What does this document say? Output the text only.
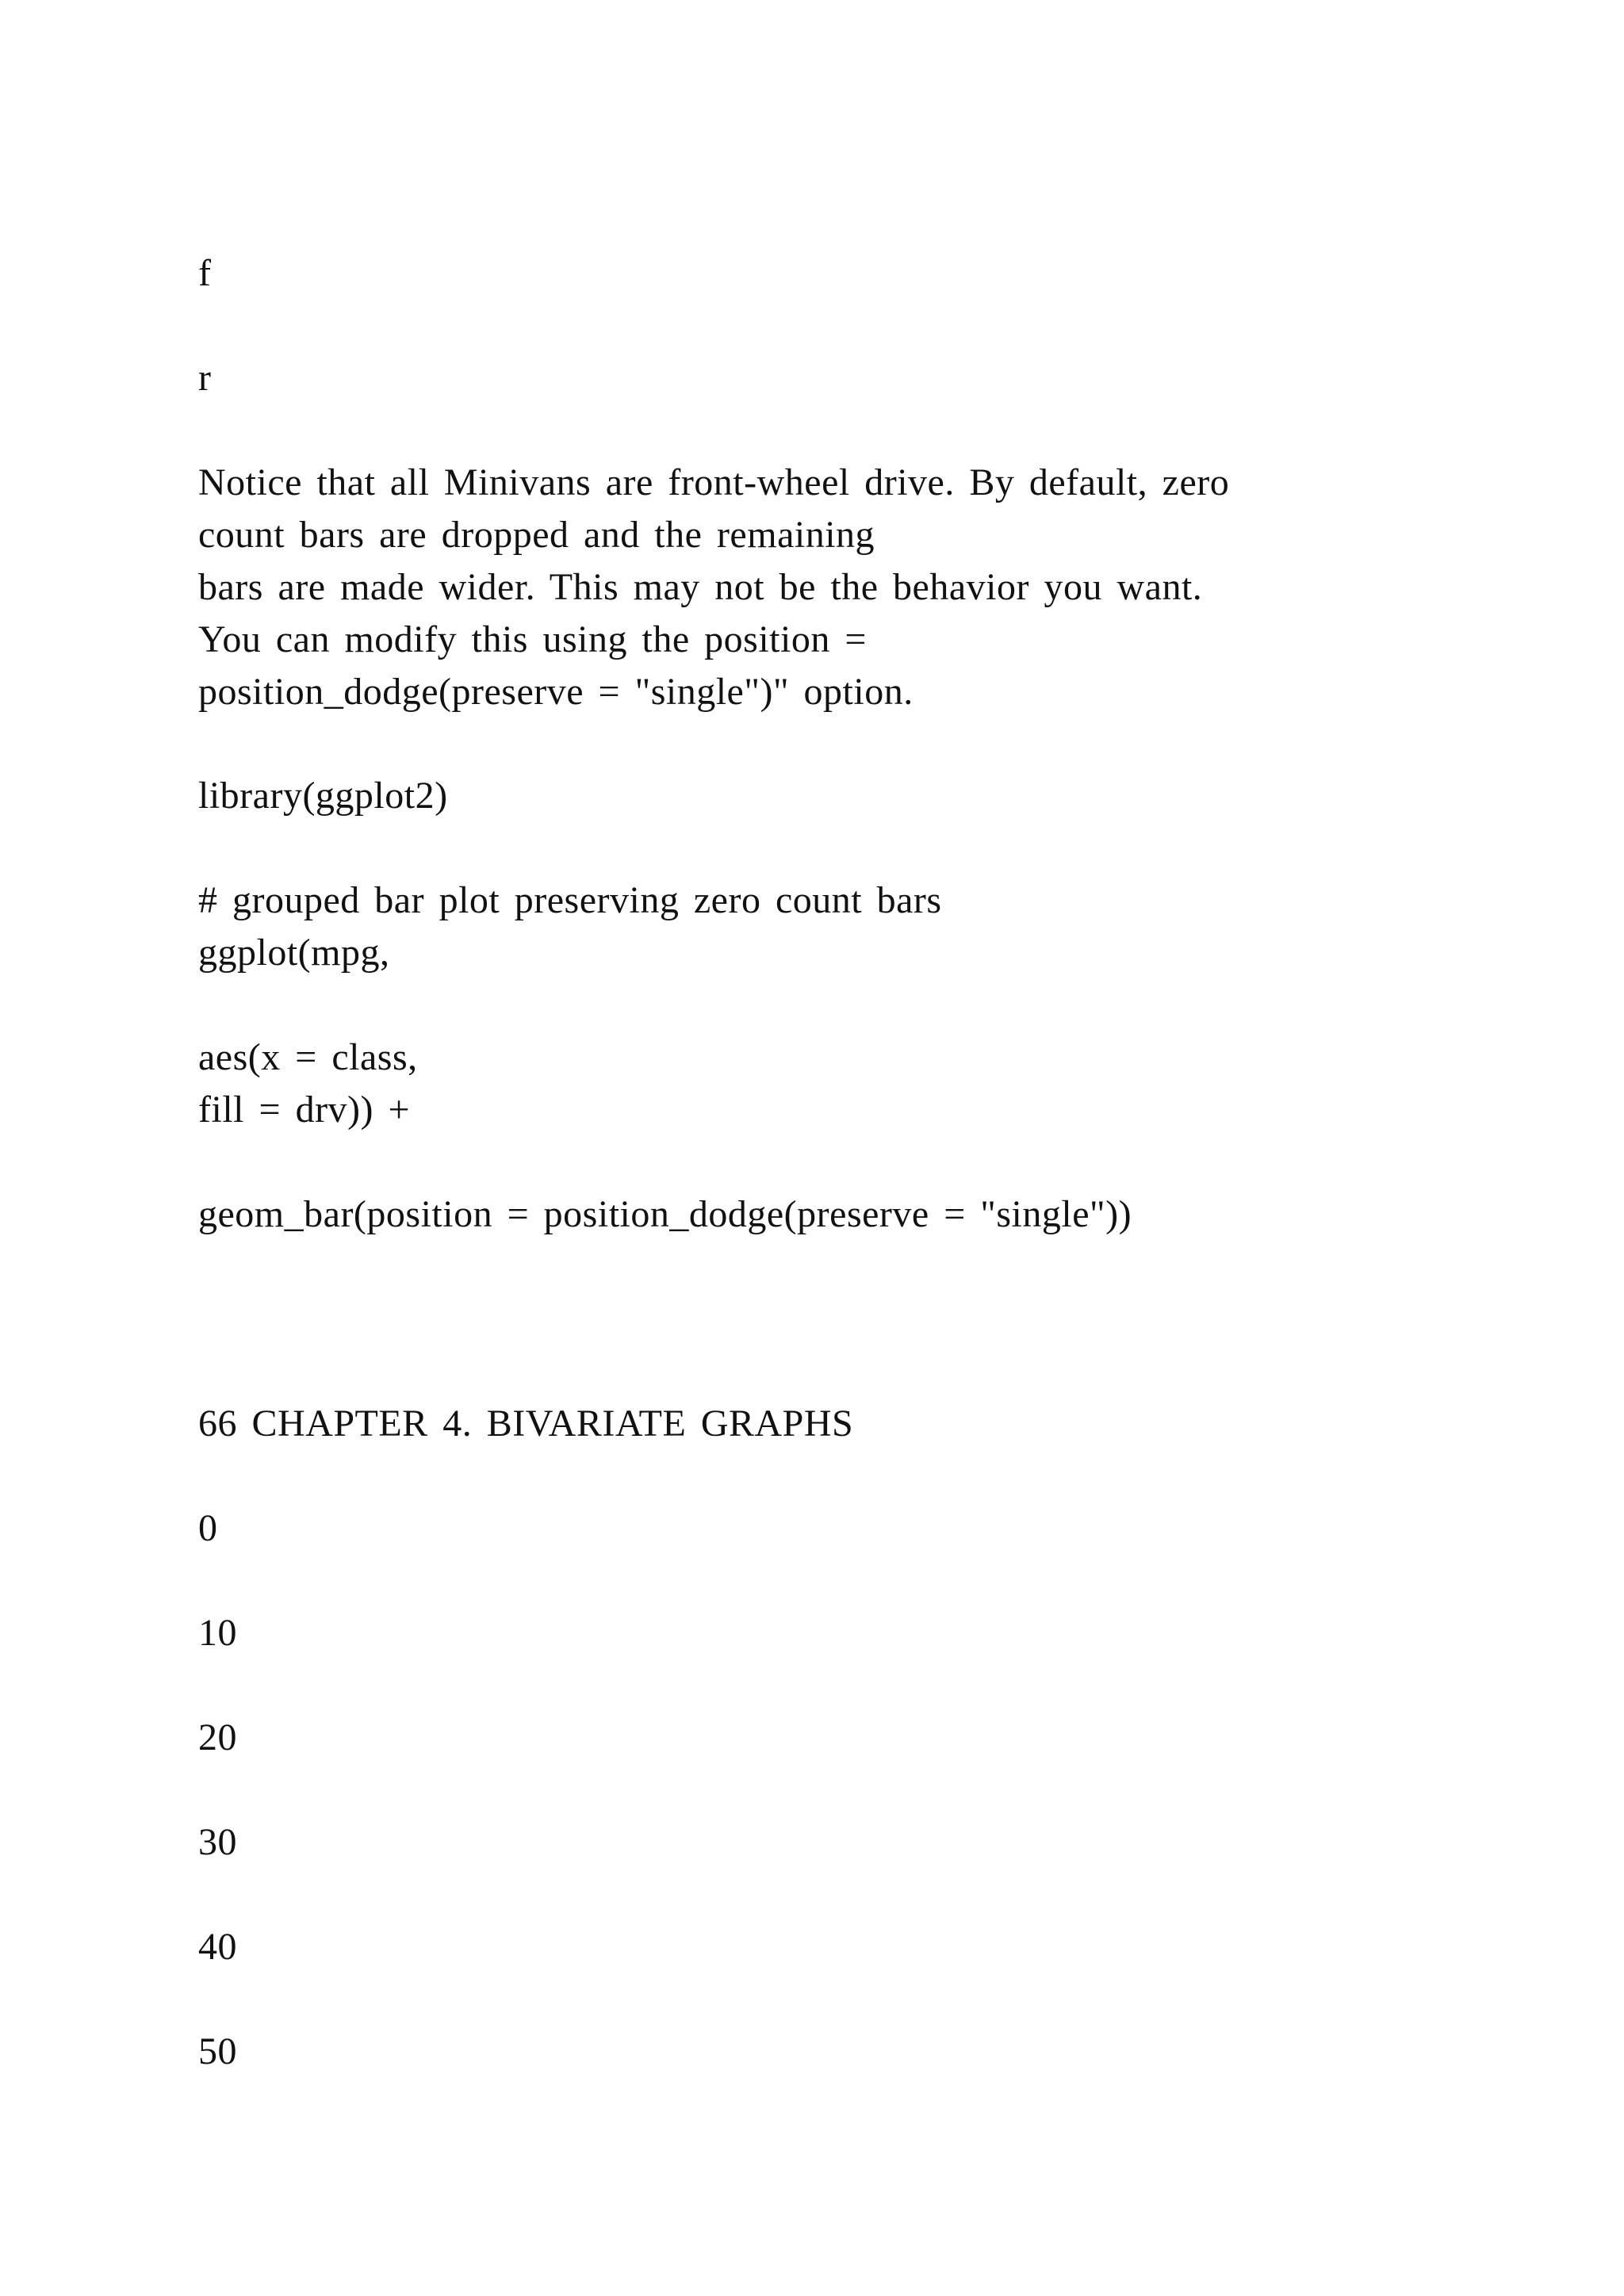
f
r
Notice that all Minivans are front-wheel drive. By default, zero
count bars are dropped and the remaining
bars are made wider. This may not be the behavior you want.
You can modify this using the position =
position_dodge(preserve = "single")" option.
library(ggplot2)
# grouped bar plot preserving zero count bars
ggplot(mpg,
aes(x = class,
fill = drv)) +
geom_bar(position = position_dodge(preserve = "single"))
66 CHAPTER 4. BIVARIATE GRAPHS
0
10
20
30
40
50
